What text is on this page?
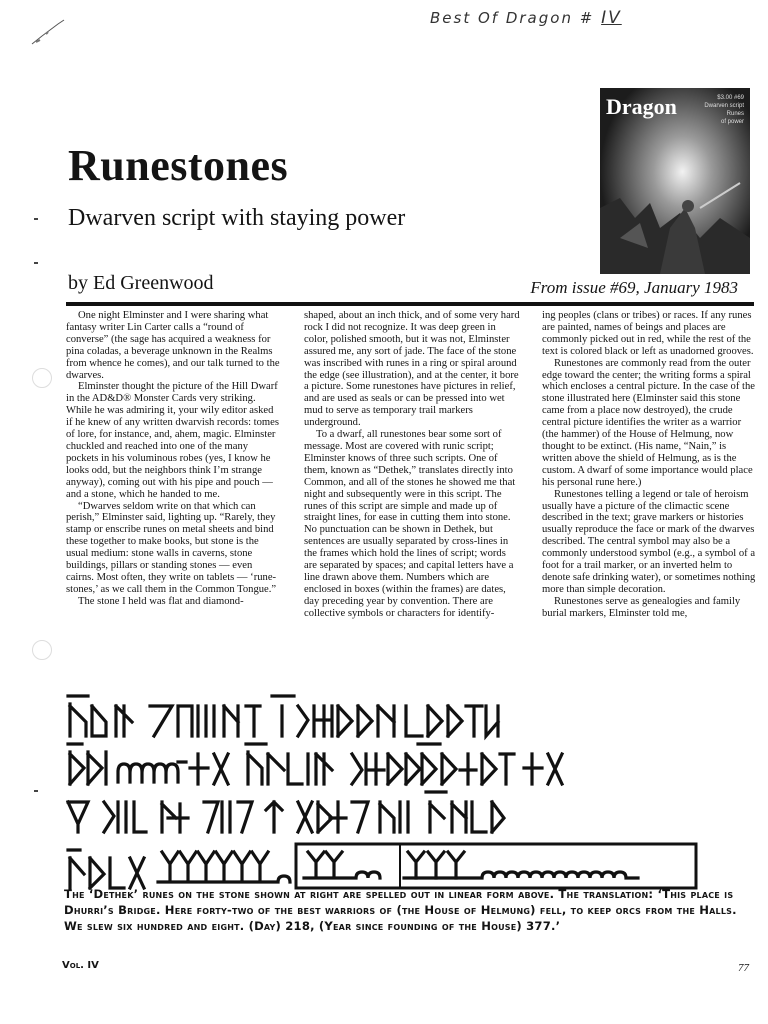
Best Of Dragon # IV
Dragon	$3.00 #69
Dwarven script
Runes
of power
Runestones
Dwarven script with staying power
by Ed Greenwood	From issue #69, January 1983

One night Elminster and I were sharing what fantasy writer Lin Carter calls a “round of converse” (the sage has acquired a weakness for pina coladas, a beverage unknown in the Realms from whence he comes), and our talk turned to the dwarves.

Elminster thought the picture of the Hill Dwarf in the AD&D® Monster Cards very striking. While he was admiring it, your wily editor asked if he knew of any written dwarvish records: tomes of lore, for instance, and, ahem, magic. Elminster chuckled and reached into one of the many pockets in his voluminous robes (yes, I know he looks odd, but the neighbors think I’m strange anyway), coming out with his pipe and pouch — and a stone, which he handed to me.

“Dwarves seldom write on that which can perish,” Elminster said, lighting up. “Rarely, they stamp or enscribe runes on metal sheets and bind these together to make books, but stone is the usual medium: stone walls in caverns, stone buildings, pillars or standing stones — even cairns. Most often, they write on tablets — ‘rune-stones,’ as we call them in the Common Tongue.”

The stone I held was flat and diamond-

shaped, about an inch thick, and of some very hard rock I did not recognize. It was deep green in color, polished smooth, but it was not, Elminster assured me, any sort of jade. The face of the stone was inscribed with runes in a ring or spiral around the edge (see illustration), and at the center, it bore a picture. Some runestones have pictures in relief, and are used as seals or can be pressed into wet mud to serve as temporary trail markers underground.

To a dwarf, all runestones bear some sort of message. Most are covered with runic script; Elminster knows of three such scripts. One of them, known as “Dethek,” translates directly into Common, and all of the stones he showed me that night and subsequently were in this script. The runes of this script are simple and made up of straight lines, for ease in cutting them into stone. No punctuation can be shown in Dethek, but sentences are usually separated by cross-lines in the frames which hold the lines of script; words are separated by spaces; and capital letters have a line drawn above them. Numbers which are enclosed in boxes (within the frames) are dates, day preceding year by convention. There are collective symbols or characters for identify-

ing peoples (clans or tribes) or races. If any runes are painted, names of beings and places are commonly picked out in red, while the rest of the text is colored black or left as unadorned grooves.

Runestones are commonly read from the outer edge toward the center; the writing forms a spiral which encloses a central picture. In the case of the stone illustrated here (Elminster said this stone came from a place now destroyed), the crude central picture identifies the writer as a warrior (the hammer) of the House of Helmung, now thought to be extinct. (His name, “Nain,” is written above the shield of Helmung, as is the custom. A dwarf of some importance would place his personal rune here.)

Runestones telling a legend or tale of heroism usually have a picture of the climactic scene described in the text; grave markers or histories usually reproduce the face or mark of the dwarves described. The central symbol may also be a commonly understood symbol (e.g., a symbol of a foot for a trail marker, or an inverted helm to denote safe drinking water), or sometimes nothing more than simple decoration.

Runestones serve as genealogies and family burial markers, Elminster told me,

The ‘Dethek’ runes on the stone shown at right are spelled out in linear form above. The translation: ‘This place is Dhurri’s Bridge. Here forty-two of the best warriors of (the House of Helmung) fell, to keep orcs from the Halls. We slew six hundred and eight. (Day) 218, (Year since founding of the House) 377.’
Vol. IV	77
